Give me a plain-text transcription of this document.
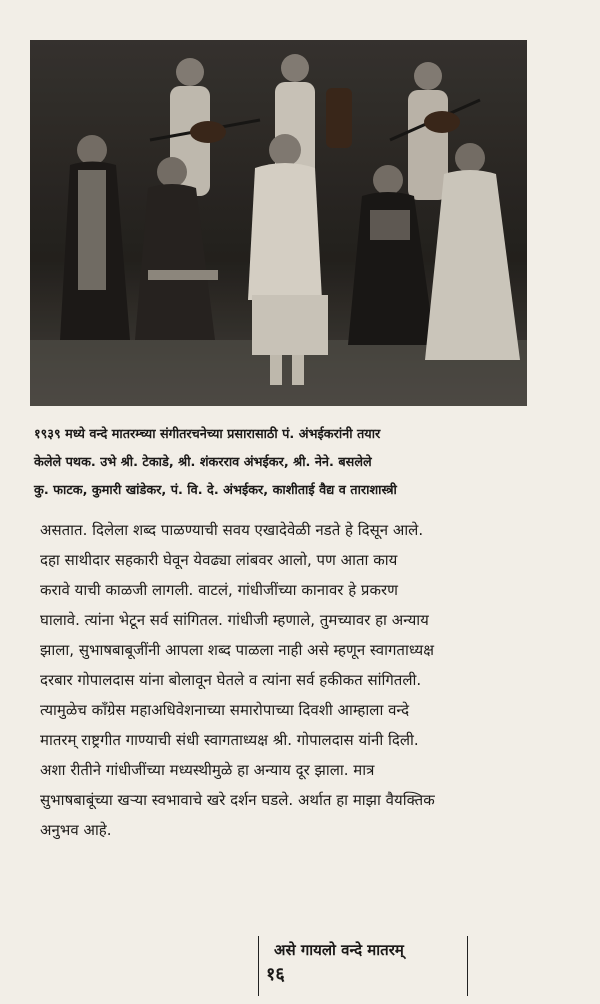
१९३९ मध्ये वन्दे मातरम्च्या संगीतरचनेच्या प्रसारासाठी पं. अंभईकरांनी तयार
केलेले पथक. उभे श्री. टेकाडे, श्री. शंकरराव अंभईकर, श्री. नेने. बसलेले
कु. फाटक, कुमारी खांडेकर, पं. वि. दे. अंभईकर, काशीताई वैद्य व ताराशास्त्री
असतात. दिलेला शब्द पाळण्याची सवय एखादेवेळी नडते हे दिसून आले.
दहा साथीदार सहकारी घेवून येवढ्या लांबवर आलो, पण आता काय
करावे याची काळजी लागली. वाटलं, गांधीजींच्या कानावर हे प्रकरण
घालावे. त्यांना भेटून सर्व सांगितल. गांधीजी म्हणाले, तुमच्यावर हा अन्याय
झाला, सुभाषबाबूजींनी आपला शब्द पाळला नाही असे म्हणून स्वागताध्यक्ष
दरबार गोपालदास यांना बोलावून घेतले व त्यांना सर्व हकीकत सांगितली.
त्यामुळेच काँग्रेस महाअधिवेशनाच्या समारोपाच्या दिवशी आम्हाला वन्दे
मातरम् राष्ट्रगीत गाण्याची संधी स्वागताध्यक्ष श्री. गोपालदास यांनी दिली.
अशा रीतीने गांधीजींच्या मध्यस्थीमुळे हा अन्याय दूर झाला. मात्र
सुभाषबाबूंच्या खऱ्या स्वभावाचे खरे दर्शन घडले. अर्थात हा माझा वैयक्तिक
अनुभव आहे.
असे गायलो वन्दे मातरम्
१६
